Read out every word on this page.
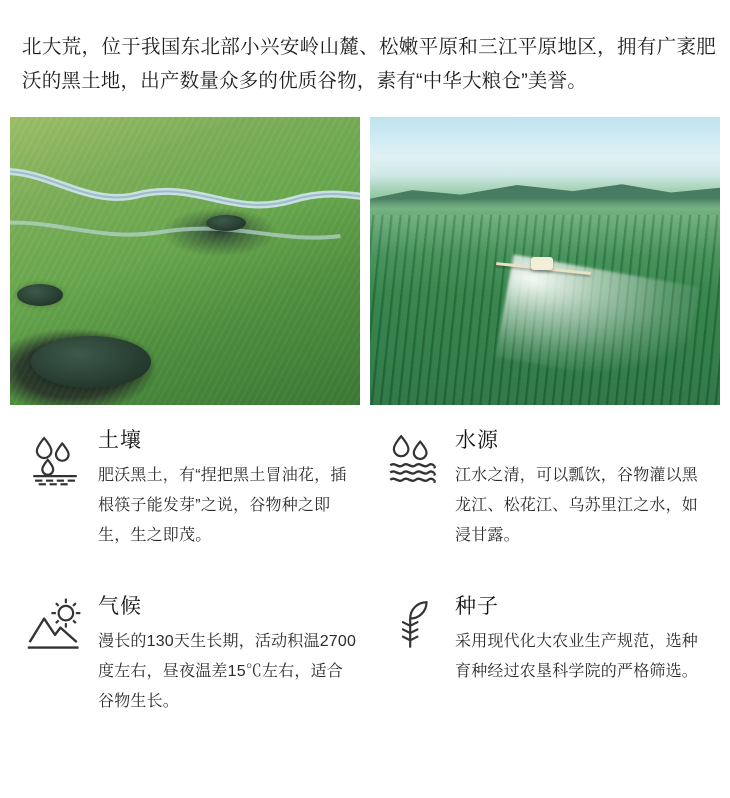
北大荒，位于我国东北部小兴安岭山麓、松嫩平原和三江平原地区，拥有广袤肥沃的黑土地，出产数量众多的优质谷物，素有“中华大粮仓”美誉。

土壤
肥沃黑土，有“捏把黑土冒油花，插根筷子能发芽”之说，谷物种之即生，生之即茂。
水源
江水之清，可以瓢饮，谷物灌以黑龙江、松花江、乌苏里江之水，如浸甘露。
气候
漫长的130天生长期，活动积温2700度左右，昼夜温差15℃左右，适合谷物生长。
种子
采用现代化大农业生产规范，选种育种经过农垦科学院的严格筛选。
